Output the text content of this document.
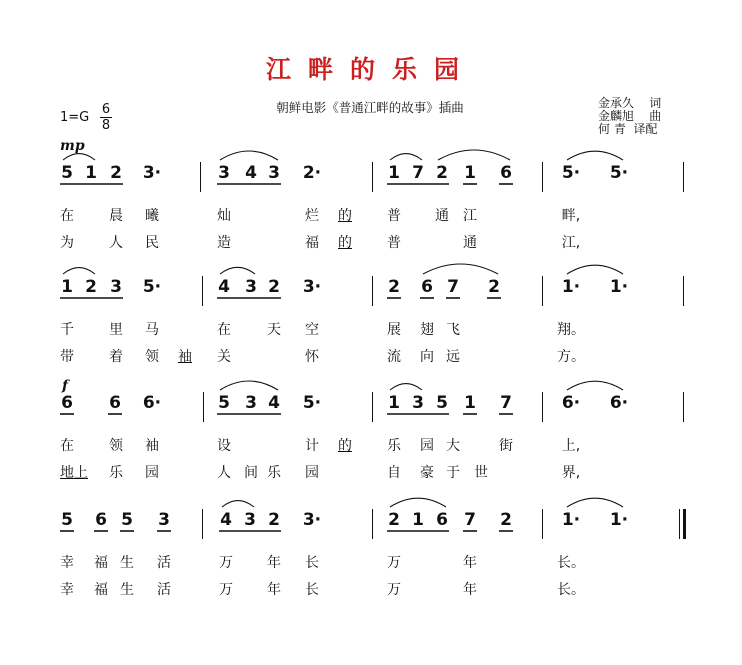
江畔的乐园
1=G
6
8
朝鲜电影《普通江畔的故事》插曲	金承久 词
金麟旭 曲
何 青 译配
mp
f
5 1 2 3·	3 4 3 2·	1 7 2 1 6	5· 5·
在	晨 曦	灿	烂 的	普 通 江	畔,
为	人 民	造	福 的	普	通	江,
1 2 3 5·	4 3 2 3·	2 6 7 2	1· 1·
千	里 马	在	天 空	展 翅 飞	翔。
带	着 领 袖 关	怀	流 向 远	方。
6 6 6·	5 3 4 5·	1 3 5 1 7	6· 6·
在	领 袖	设	计 的	乐 园 大	街	上,
地上 乐 园	人 间 乐 园	自 豪 于 世	界,
5 6 5 3	4 3 2 3·	2 1 6 7 2	1· 1·
幸 福 生 活	万 年 长	万	年	长。
幸 福 生 活	万 年 长	万	年	长。
